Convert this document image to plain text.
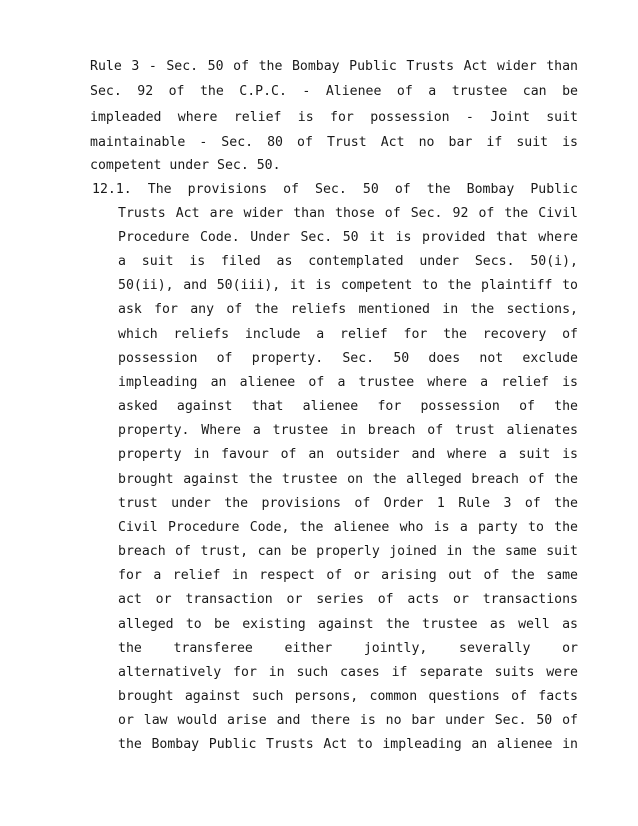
Rule 3 - Sec. 50 of the Bombay Public Trusts Act wider than
Sec. 92 of the C.P.C. - Alienee of a trustee can be
impleaded where relief is for possession - Joint suit
maintainable - Sec. 80 of Trust Act no bar if suit is
competent under Sec. 50.
12.1. The provisions of Sec. 50 of the Bombay Public
Trusts Act are wider than those of Sec. 92 of the Civil
Procedure Code. Under Sec. 50 it is provided that where
a suit is filed as contemplated under Secs. 50(i),
50(ii), and 50(iii), it is competent to the plaintiff to
ask for any of the reliefs mentioned in the sections,
which reliefs include a relief for the recovery of
possession of property. Sec. 50 does not exclude
impleading an alienee of a trustee where a relief is
asked against that alienee for possession of the
property. Where a trustee in breach of trust alienates
property in favour of an outsider and where a suit is
brought against the trustee on the alleged breach of the
trust under the provisions of Order 1 Rule 3 of the
Civil Procedure Code, the alienee who is a party to the
breach of trust, can be properly joined in the same suit
for a relief in respect of or arising out of the same
act or transaction or series of acts or transactions
alleged to be existing against the trustee as well as
the transferee either jointly, severally or
alternatively for in such cases if separate suits were
brought against such persons, common questions of facts
or law would arise and there is no bar under Sec. 50 of
the Bombay Public Trusts Act to impleading an alienee in
